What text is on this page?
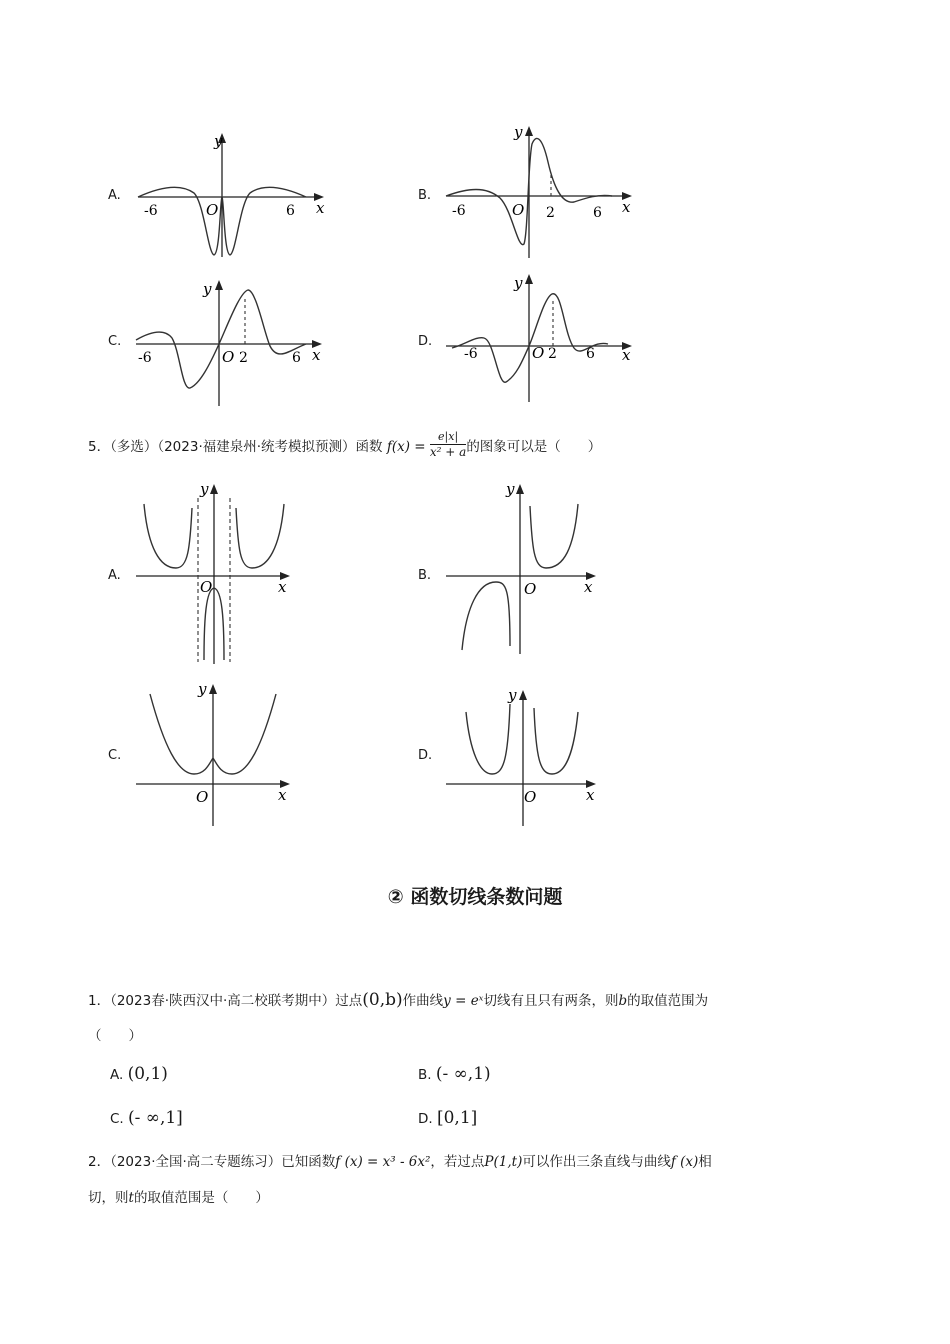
A.
y
x
O
-6	6
B.
y
x
O
-6	2	6
C.
y
x
O
-6	2	6
D.
y
x
O
-6	2 6
5．（多选）（2023·福建泉州·统考模拟预测）函数 $f(x) = \frac{e|x|}{\text{x² + a}}$ 的图象可以是（　　）
A.
y
x
O
B.
y
x
O
C.
y
x
O
D.
y
x
O
② 函数切线条数问题
1．（2023春·陕西汉中·高二校联考期中）过点(0,b)作曲线y = eˣ切线有且只有两条，则b的取值范围为
（　　）
A. (0,1)	B. (- ∞,1)
C. (- ∞,1]	D. [0,1]
2．（2023·全国·高二专题练习）已知函数f (x) = x³ - 6x²，若过点P(1,t)可以作出三条直线与曲线f (x)相
切，则t的取值范围是（　　）
